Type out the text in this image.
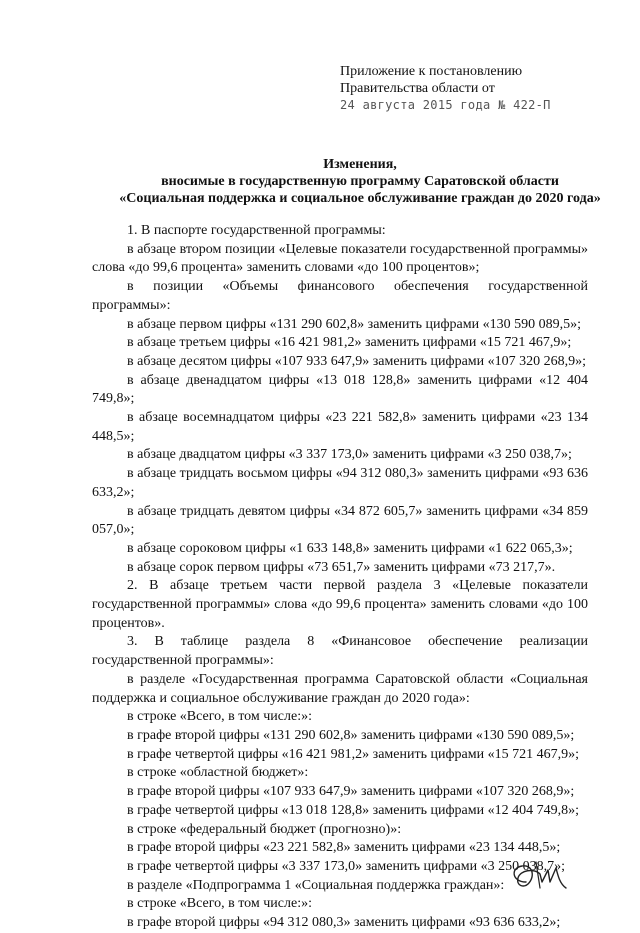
Приложение к постановлению
Правительства области от
24 августа 2015 года № 422-П
Изменения,
вносимые в государственную программу Саратовской области
«Социальная поддержка и социальное обслуживание граждан до 2020 года»

1. В паспорте государственной программы:

в абзаце втором позиции «Целевые показатели государственной программы» слова «до 99,6 процента» заменить словами «до 100 процентов»;

в позиции «Объемы финансового обеспечения государственной программы»:

в абзаце первом цифры «131 290 602,8» заменить цифрами «130 590 089,5»;

в абзаце третьем цифры «16 421 981,2» заменить цифрами «15 721 467,9»;

в абзаце десятом цифры «107 933 647,9» заменить цифрами «107 320 268,9»;

в абзаце двенадцатом цифры «13 018 128,8» заменить цифрами «12 404 749,8»;

в абзаце восемнадцатом цифры «23 221 582,8» заменить цифрами «23 134 448,5»;

в абзаце двадцатом цифры «3 337 173,0» заменить цифрами «3 250 038,7»;

в абзаце тридцать восьмом цифры «94 312 080,3» заменить цифрами «93 636 633,2»;

в абзаце тридцать девятом цифры «34 872 605,7» заменить цифрами «34 859 057,0»;

в абзаце сороковом цифры «1 633 148,8» заменить цифрами «1 622 065,3»;

в абзаце сорок первом цифры «73 651,7» заменить цифрами «73 217,7».

2. В абзаце третьем части первой раздела 3 «Целевые показатели государственной программы» слова «до 99,6 процента» заменить словами «до 100 процентов».

3. В таблице раздела 8 «Финансовое обеспечение реализации государственной программы»:

в разделе «Государственная программа Саратовской области «Социальная поддержка и социальное обслуживание граждан до 2020 года»:

в строке «Всего, в том числе:»:

в графе второй цифры «131 290 602,8» заменить цифрами «130 590 089,5»;

в графе четвертой цифры «16 421 981,2» заменить цифрами «15 721 467,9»;

в строке «областной бюджет»:

в графе второй цифры «107 933 647,9» заменить цифрами «107 320 268,9»;

в графе четвертой цифры «13 018 128,8» заменить цифрами «12 404 749,8»;

в строке «федеральный бюджет (прогнозно)»:

в графе второй цифры «23 221 582,8» заменить цифрами «23 134 448,5»;

в графе четвертой цифры «3 337 173,0» заменить цифрами «3 250 038,7»;

в разделе «Подпрограмма 1 «Социальная поддержка граждан»:

в строке «Всего, в том числе:»:

в графе второй цифры «94 312 080,3» заменить цифрами «93 636 633,2»;
